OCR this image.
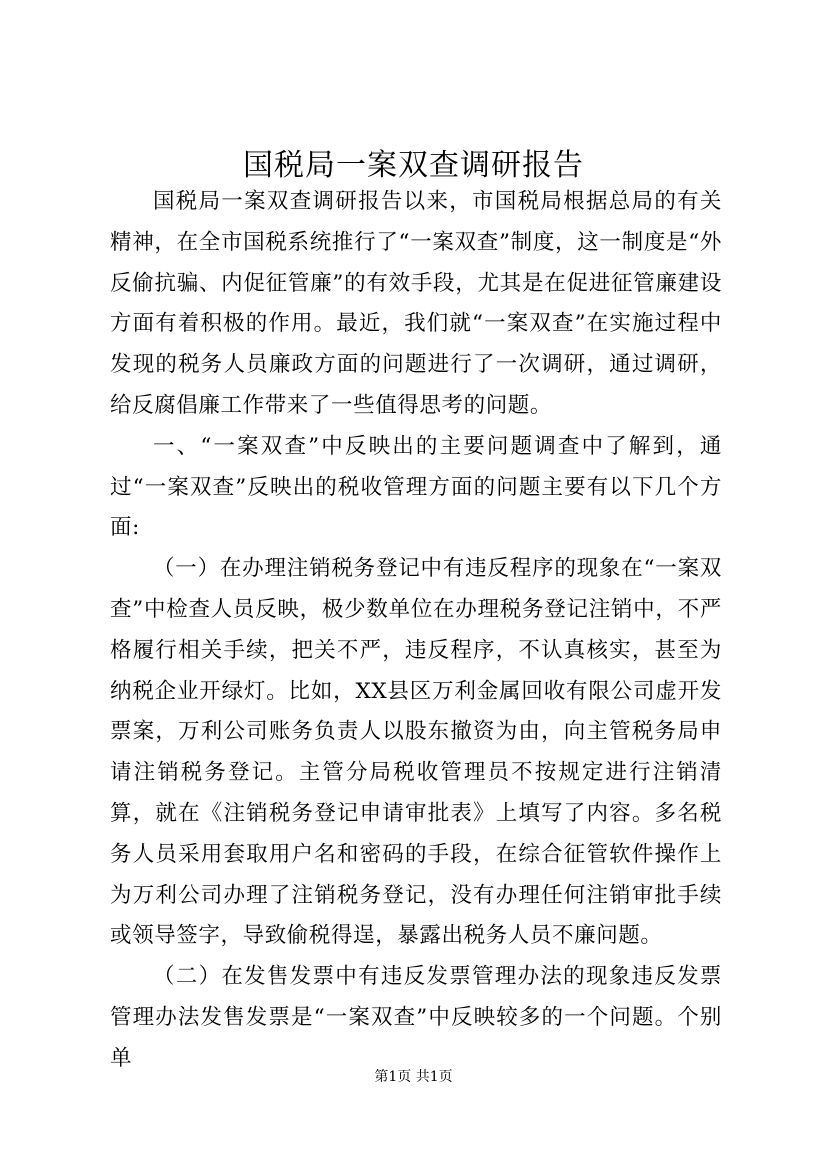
国税局一案双查调研报告

国税局一案双查调研报告以来，市国税局根据总局的有关精神，在全市国税系统推行了“一案双查”制度，这一制度是“外反偷抗骗、内促征管廉”的有效手段，尤其是在促进征管廉建设方面有着积极的作用。最近，我们就“一案双查”在实施过程中发现的税务人员廉政方面的问题进行了一次调研，通过调研，给反腐倡廉工作带来了一些值得思考的问题。

一、“一案双查”中反映出的主要问题调查中了解到，通过“一案双查”反映出的税收管理方面的问题主要有以下几个方面:

（一）在办理注销税务登记中有违反程序的现象在“一案双查”中检查人员反映，极少数单位在办理税务登记注销中，不严格履行相关手续，把关不严，违反程序，不认真核实，甚至为纳税企业开绿灯。比如，XX县区万利金属回收有限公司虚开发票案，万利公司账务负责人以股东撤资为由，向主管税务局申请注销税务登记。主管分局税收管理员不按规定进行注销清算，就在《注销税务登记申请审批表》上填写了内容。多名税务人员采用套取用户名和密码的手段，在综合征管软件操作上为万利公司办理了注销税务登记，没有办理任何注销审批手续或领导签字，导致偷税得逞，暴露出税务人员不廉问题。

（二）在发售发票中有违反发票管理办法的现象违反发票管理办法发售发票是“一案双查”中反映较多的一个问题。个别单

第1页 共1页
